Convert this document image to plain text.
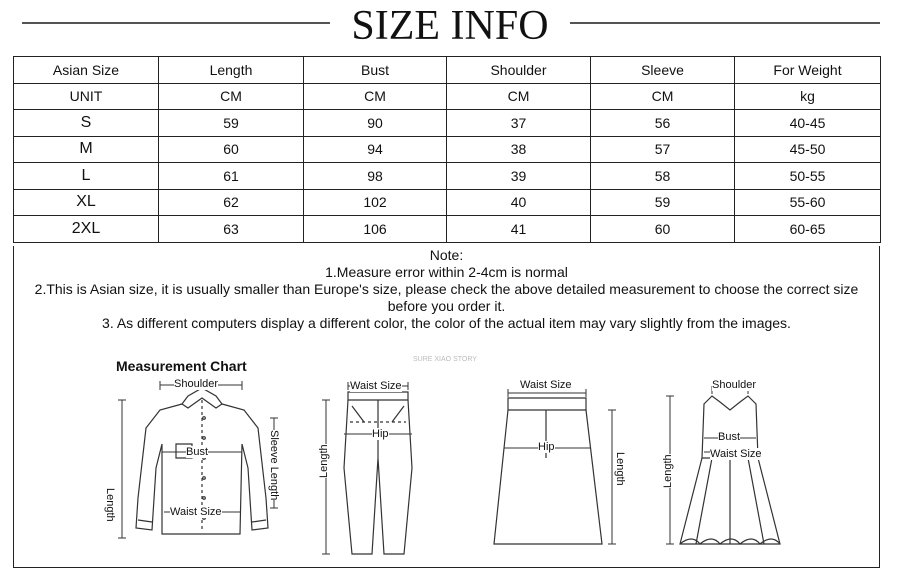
SIZE INFO
Asian Size	Length	Bust	Shoulder	Sleeve	For Weight
UNIT	CM	CM	CM	CM	kg
S	59	90	37	56	40-45
M	60	94	38	57	45-50
L	61	98	39	58	50-55
XL	62	102	40	59	55-60
2XL	63	106	41	60	60-65

Note:

1.Measure error within 2-4cm is normal

2.This is Asian size, it is usually smaller than Europe's size, please check the above detailed measurement to choose the correct size

before you order it.

3. As different computers display a different color, the color of the actual item may vary slightly from the images.

Measurement Chart	SURE XIAO STORY
Shoulder
Bust
Waist Size
Length
Sleeve Length
Waist Size
Hip
Length
Waist Size
Hip
Length
Shoulder
Bust
Waist Size
Length
